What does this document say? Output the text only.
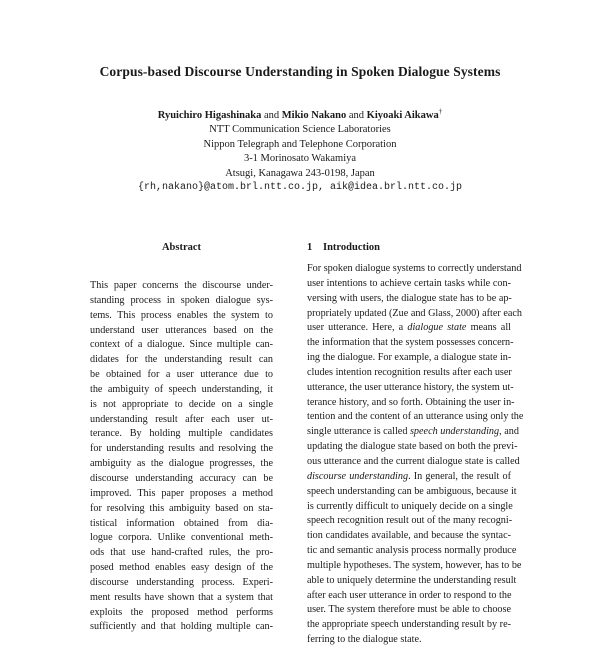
Corpus-based Discourse Understanding in Spoken Dialogue Systems
Ryuichiro Higashinaka and Mikio Nakano and Kiyoaki Aikawa†
NTT Communication Science Laboratories
Nippon Telegraph and Telephone Corporation
3-1 Morinosato Wakamiya
Atsugi, Kanagawa 243-0198, Japan
{rh,nakano}@atom.brl.ntt.co.jp, aik@idea.brl.ntt.co.jp
Abstract
This paper concerns the discourse under-
standing process in spoken dialogue sys-
tems. This process enables the system to
understand user utterances based on the
context of a dialogue. Since multiple can-
didates for the understanding result can
be obtained for a user utterance due to
the ambiguity of speech understanding, it
is not appropriate to decide on a single
understanding result after each user ut-
terance. By holding multiple candidates
for understanding results and resolving the
ambiguity as the dialogue progresses, the
discourse understanding accuracy can be
improved. This paper proposes a method
for resolving this ambiguity based on sta-
tistical information obtained from dia-
logue corpora. Unlike conventional meth-
ods that use hand-crafted rules, the pro-
posed method enables easy design of the
discourse understanding process. Experi-
ment results have shown that a system that
exploits the proposed method performs
sufficiently and that holding multiple can-
1 Introduction
For spoken dialogue systems to correctly understand
user intentions to achieve certain tasks while con-
versing with users, the dialogue state has to be ap-
propriately updated (Zue and Glass, 2000) after each
user utterance. Here, a dialogue state means all
the information that the system possesses concern-
ing the dialogue. For example, a dialogue state in-
cludes intention recognition results after each user
utterance, the user utterance history, the system ut-
terance history, and so forth. Obtaining the user in-
tention and the content of an utterance using only the
single utterance is called speech understanding, and
updating the dialogue state based on both the previ-
ous utterance and the current dialogue state is called
discourse understanding. In general, the result of
speech understanding can be ambiguous, because it
is currently difficult to uniquely decide on a single
speech recognition result out of the many recogni-
tion candidates available, and because the syntac-
tic and semantic analysis process normally produce
multiple hypotheses. The system, however, has to be
able to uniquely determine the understanding result
after each user utterance in order to respond to the
user. The system therefore must be able to choose
the appropriate speech understanding result by re-
ferring to the dialogue state.
